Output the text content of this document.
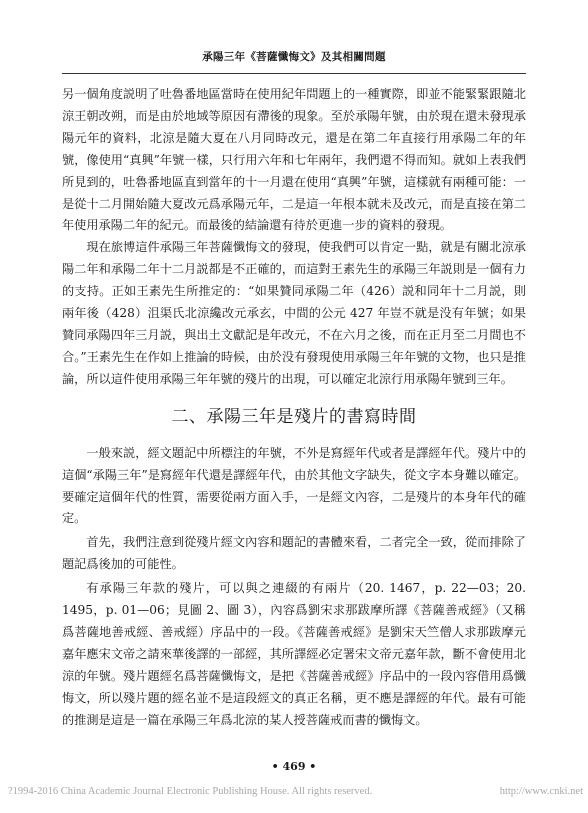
承陽三年《菩薩懺悔文》及其相關問題

另一個角度説明了吐魯番地區當時在使用紀年問題上的一種實際，即並不能緊緊跟隨北涼王朝改朔，而是由於地域等原因有滯後的現象。至於承陽年號，由於現在還未發現承陽元年的資料，北涼是隨大夏在八月同時改元，還是在第二年直接行用承陽二年的年號，像使用“真興”年號一樣，只行用六年和七年兩年，我們還不得而知。就如上表我們所見到的，吐魯番地區直到當年的十一月還在使用“真興”年號，這樣就有兩種可能：一是從十二月開始隨大夏改元爲承陽元年，二是這一年根本就未及改元，而是直接在第二年使用承陽二年的紀元。而最後的結論還有待於更進一步的資料的發現。

現在旅博這件承陽三年菩薩懺悔文的發現，使我們可以肯定一點，就是有關北涼承陽二年和承陽二年十二月説都是不正確的，而這對王素先生的承陽三年説則是一個有力的支持。正如王素先生所推定的：“如果贊同承陽二年（426）説和同年十二月説，則兩年後（428）沮渠氏北涼纔改元承玄，中間的公元 427 年豈不就是没有年號；如果贊同承陽四年三月説，與出土文獻記是年改元，不在六月之後，而在正月至二月間也不合。”王素先生在作如上推論的時候，由於没有發現使用承陽三年年號的文物，也只是推論，所以這件使用承陽三年年號的殘片的出現，可以確定北涼行用承陽年號到三年。

二、承陽三年是殘片的書寫時間

一般來説，經文題記中所標注的年號，不外是寫經年代或者是譯經年代。殘片中的這個“承陽三年”是寫經年代還是譯經年代，由於其他文字缺失，從文字本身難以確定。要確定這個年代的性質，需要從兩方面入手，一是經文內容，二是殘片的本身年代的確定。

首先，我們注意到從殘片經文內容和題記的書體來看，二者完全一致，從而排除了題記爲後加的可能性。

有承陽三年款的殘片，可以與之連綴的有兩片（20. 1467，p. 22—03；20. 1495，p. 01—06；見圖 2、圖 3），內容爲劉宋求那跋摩所譯《菩薩善戒經》（又稱爲菩薩地善戒經、善戒經）序品中的一段。《菩薩善戒經》是劉宋天竺僧人求那跋摩元嘉年應宋文帝之請來華後譯的一部經，其所譯經必定署宋文帝元嘉年款，斷不會使用北涼的年號。殘片題經名爲菩薩懺悔文，是把《菩薩善戒經》序品中的一段內容借用爲懺悔文，所以殘片題的經名並不是這段經文的真正名稱，更不應是譯經的年代。最有可能的推測是這是一篇在承陽三年爲北涼的某人授菩薩戒而書的懺悔文。

• 469 •
?1994-2016 China Academic Journal Electronic Publishing House. All rights reserved.	http://www.cnki.net
